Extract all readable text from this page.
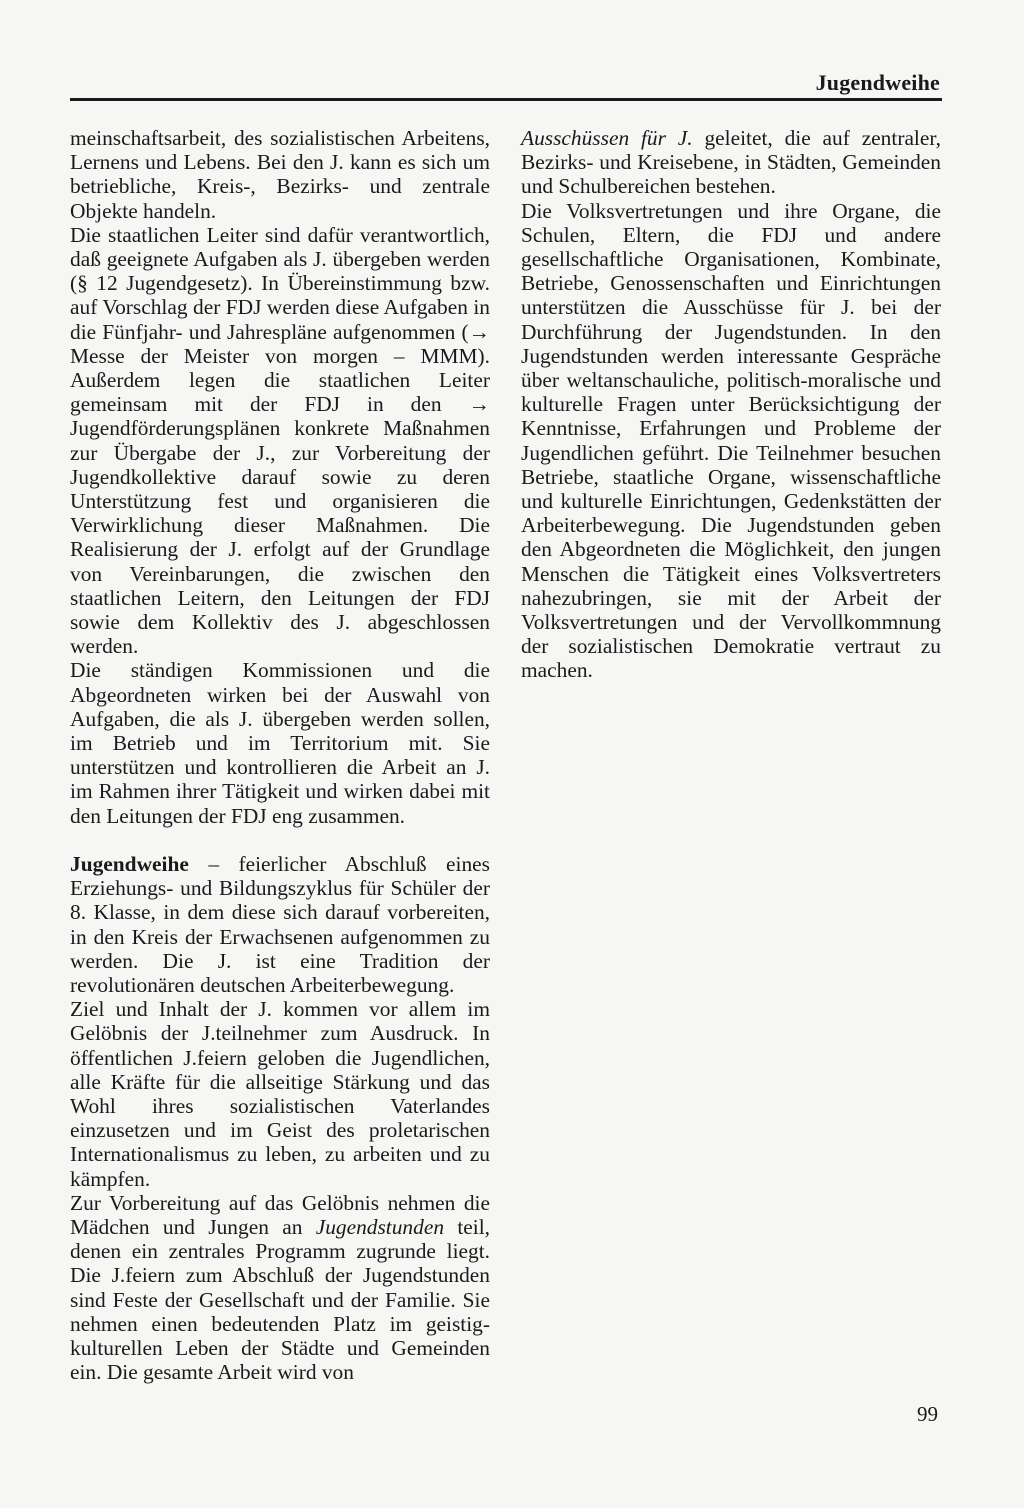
Jugendweihe

meinschaftsarbeit, des sozialistischen Arbeitens, Lernens und Lebens. Bei den J. kann es sich um betriebliche, Kreis-, Bezirks- und zentrale Objekte handeln.

Die staatlichen Leiter sind dafür verantwortlich, daß geeignete Aufgaben als J. übergeben werden (§ 12 Jugendgesetz). In Übereinstimmung bzw. auf Vorschlag der FDJ werden diese Aufgaben in die Fünfjahr- und Jahrespläne aufgenommen (→ Messe der Meister von morgen – MMM). Außerdem legen die staatlichen Leiter gemeinsam mit der FDJ in den → Jugendförderungsplänen konkrete Maßnahmen zur Übergabe der J., zur Vorbereitung der Jugendkollektive darauf sowie zu deren Unterstützung fest und organisieren die Verwirklichung dieser Maßnahmen. Die Realisierung der J. erfolgt auf der Grundlage von Vereinbarungen, die zwischen den staatlichen Leitern, den Leitungen der FDJ sowie dem Kollektiv des J. abgeschlossen werden.

Die ständigen Kommissionen und die Abgeordneten wirken bei der Auswahl von Aufgaben, die als J. übergeben werden sollen, im Betrieb und im Territorium mit. Sie unterstützen und kontrollieren die Arbeit an J. im Rahmen ihrer Tätigkeit und wirken dabei mit den Leitungen der FDJ eng zusammen.

Jugendweihe – feierlicher Abschluß eines Erziehungs- und Bildungszyklus für Schüler der 8. Klasse, in dem diese sich darauf vorbereiten, in den Kreis der Erwachsenen aufgenommen zu werden. Die J. ist eine Tradition der revolutionären deutschen Arbeiterbewegung.

Ziel und Inhalt der J. kommen vor allem im Gelöbnis der J.teilnehmer zum Ausdruck. In öffentlichen J.feiern geloben die Jugendlichen, alle Kräfte für die allseitige Stärkung und das Wohl ihres sozialistischen Vaterlandes einzusetzen und im Geist des proletarischen Internationalismus zu leben, zu arbeiten und zu kämpfen.

Zur Vorbereitung auf das Gelöbnis nehmen die Mädchen und Jungen an Jugendstunden teil, denen ein zentrales Programm zugrunde liegt. Die J.feiern zum Abschluß der Jugendstunden sind Feste der Gesellschaft und der Familie. Sie nehmen einen bedeutenden Platz im geistig-kulturellen Leben der Städte und Gemeinden ein. Die gesamte Arbeit wird von

Ausschüssen für J. geleitet, die auf zentraler, Bezirks- und Kreisebene, in Städten, Gemeinden und Schulbereichen bestehen.

Die Volksvertretungen und ihre Organe, die Schulen, Eltern, die FDJ und andere gesellschaftliche Organisationen, Kombinate, Betriebe, Genossenschaften und Einrichtungen unterstützen die Ausschüsse für J. bei der Durchführung der Jugendstunden. In den Jugendstunden werden interessante Gespräche über weltanschauliche, politisch-moralische und kulturelle Fragen unter Berücksichtigung der Kenntnisse, Erfahrungen und Probleme der Jugendlichen geführt. Die Teilnehmer besuchen Betriebe, staatliche Organe, wissenschaftliche und kulturelle Einrichtungen, Gedenkstätten der Arbeiterbewegung. Die Jugendstunden geben den Abgeordneten die Möglichkeit, den jungen Menschen die Tätigkeit eines Volksvertreters nahezubringen, sie mit der Arbeit der Volksvertretungen und der Vervollkommnung der sozialistischen Demokratie vertraut zu machen.

99
